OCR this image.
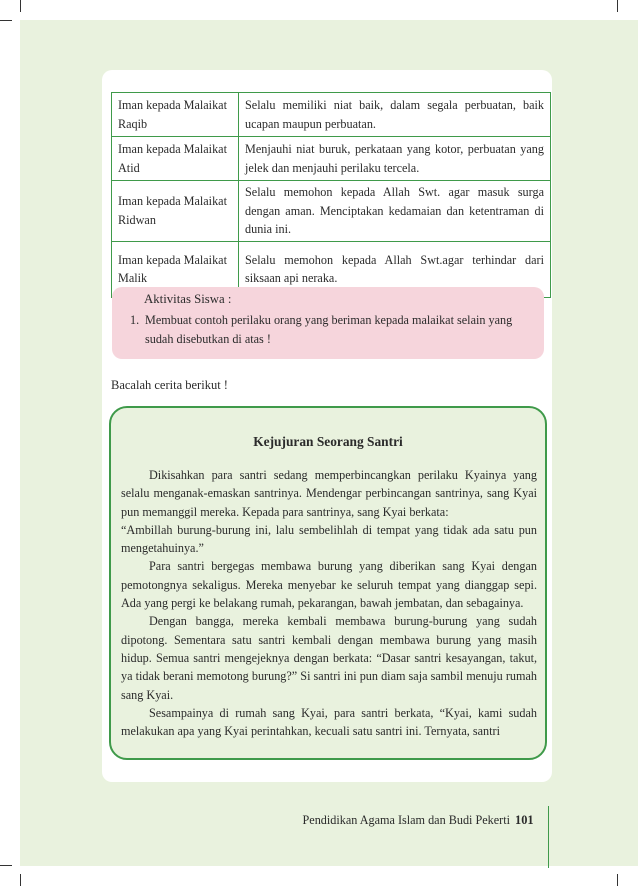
Iman kepada Malaikat Raqib	Selalu memiliki niat baik, dalam segala perbuatan, baik ucapan maupun perbuatan.
Iman kepada Malaikat Atid	Menjauhi niat buruk, perkataan yang kotor, perbuatan yang jelek dan menjauhi perilaku tercela.
Iman kepada Malaikat Ridwan	Selalu memohon kepada Allah Swt. agar masuk surga dengan aman. Menciptakan kedamaian dan ketentraman di dunia ini.
Iman kepada Malaikat Malik	Selalu memohon kepada Allah Swt.agar terhindar dari siksaan api neraka.
Aktivitas Siswa :
1. Membuat contoh perilaku orang yang beriman kepada malaikat selain yang sudah disebutkan di atas !
Bacalah cerita berikut !
Kejujuran Seorang Santri

Dikisahkan para santri sedang memperbincangkan perilaku Kyainya yang selalu menganak-emaskan santrinya. Mendengar perbincangan santrinya, sang Kyai pun memanggil mereka. Kepada para santrinya, sang Kyai berkata:

“Ambillah burung-burung ini, lalu sembelihlah di tempat yang tidak ada satu pun mengetahuinya.”

Para santri bergegas membawa burung yang diberikan sang Kyai dengan pemotongnya sekaligus. Mereka menyebar ke seluruh tempat yang dianggap sepi. Ada yang pergi ke belakang rumah, pekarangan, bawah jembatan, dan sebagainya.

Dengan bangga, mereka kembali membawa burung-burung yang sudah dipotong. Sementara satu santri kembali dengan membawa burung yang masih hidup. Semua santri mengejeknya dengan berkata: “Dasar santri kesayangan, takut, ya tidak berani memotong burung?” Si santri ini pun diam saja sambil menuju rumah sang Kyai.

Sesampainya di rumah sang Kyai, para santri berkata, “Kyai, kami sudah melakukan apa yang Kyai perintahkan, kecuali satu santri ini. Ternyata, santri

Pendidikan Agama Islam dan Budi Pekerti 101
